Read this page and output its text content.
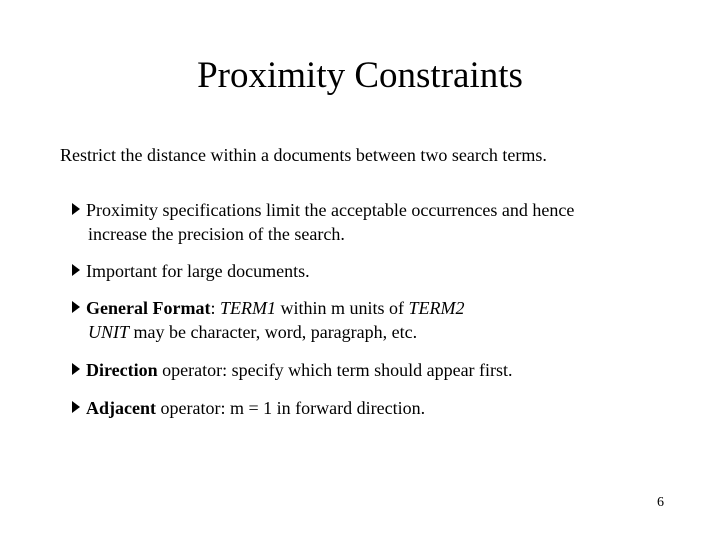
Proximity Constraints
Restrict the distance within a documents between two search terms.
Proximity specifications limit the acceptable occurrences and hence
increase the precision of the search.
Important for large documents.
General Format: TERM1 within m units of TERM2
UNIT may be character, word, paragraph, etc.
Direction operator: specify which term should appear first.
Adjacent operator: m = 1 in forward direction.
6
